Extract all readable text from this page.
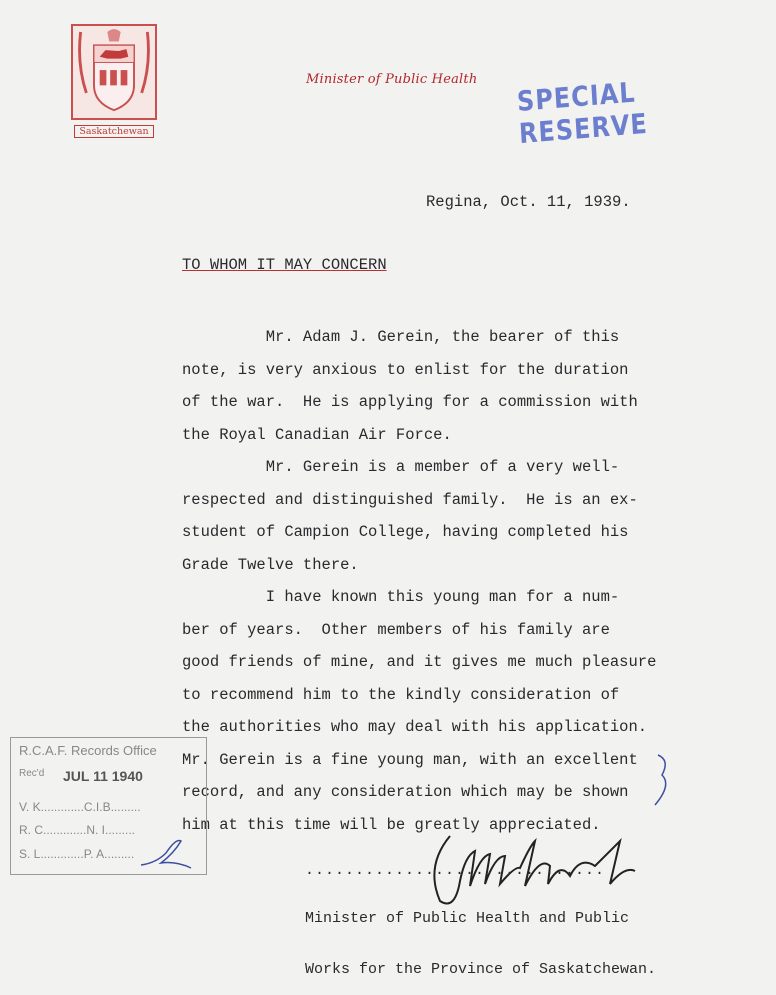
Saskatchewan
Minister of Public Health SPECIAL RESERVE
Regina, Oct. 11, 1939.
TO WHOM IT MAY CONCERN
Mr. Adam J. Gerein, the bearer of this
note, is very anxious to enlist for the duration
of the war.  He is applying for a commission with
the Royal Canadian Air Force.
Mr. Gerein is a member of a very well-
respected and distinguished family.  He is an ex-
student of Campion College, having completed his
Grade Twelve there.
I have known this young man for a num-
ber of years.  Other members of his family are
good friends of mine, and it gives me much pleasure
to recommend him to the kindly consideration of
the authorities who may deal with his application.
Mr. Gerein is a fine young man, with an excellent
record, and any consideration which may be shown
him at this time will be greatly appreciated.
R.C.A.F. Records Office
Rec'd JUL 11 1940
V. K.............C.I.B.........
R. C.............N. I.........
S. L.............P. A.........
..............................

Minister of Public Health and Public

Works for the Province of Saskatchewan.
